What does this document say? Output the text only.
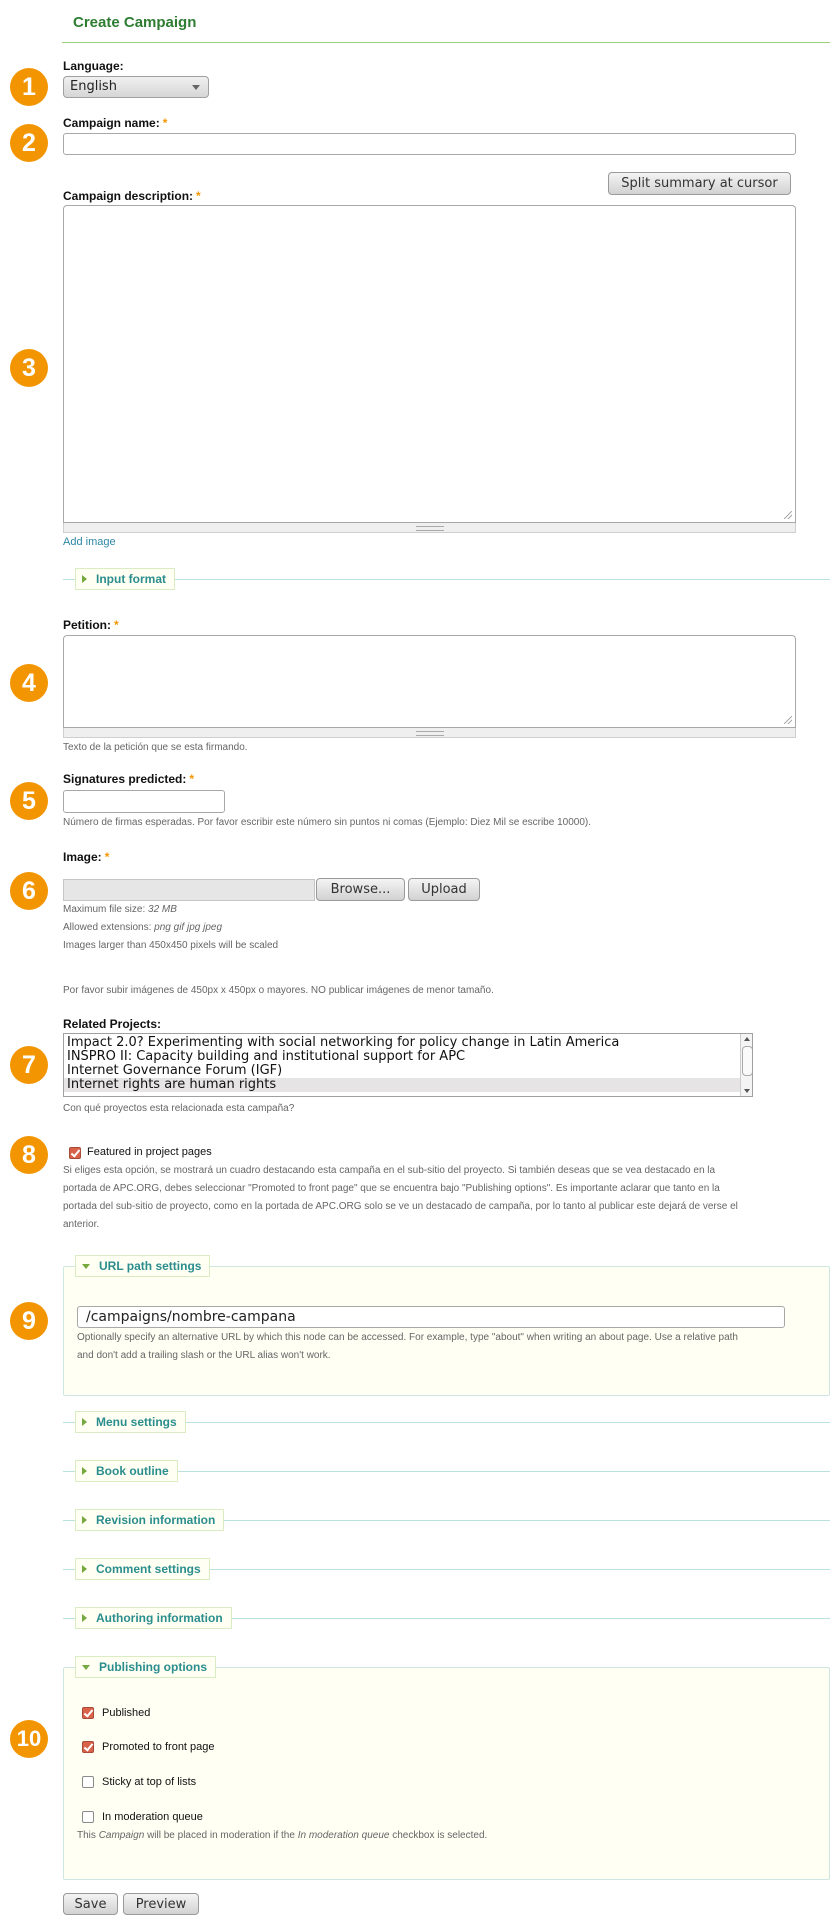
Create Campaign
1
2
3
4
5
6
7
8
9
10
Language:
English
Campaign name: *
Split summary at cursor
Campaign description: *
Add image
Input format
Petition: *
Texto de la petición que se esta firmando.
Signatures predicted: *
Número de firmas esperadas. Por favor escribir este número sin puntos ni comas (Ejemplo: Diez Mil se escribe 10000).
Image: *
Browse...	Upload
Maximum file size: 32 MB
Allowed extensions: png gif jpg jpeg
Images larger than 450x450 pixels will be scaled
Por favor subir imágenes de 450px x 450px o mayores. NO publicar imágenes de menor tamaño.
Related Projects:
Impact 2.0? Experimenting with social networking for policy change in Latin America
INSPRO II: Capacity building and institutional support for APC
Internet Governance Forum (IGF)
Internet rights are human rights
Con qué proyectos esta relacionada esta campaña?
Featured in project pages
Si eliges esta opción, se mostrará un cuadro destacando esta campaña en el sub-sitio del proyecto. Si también deseas que se vea destacado en la
portada de APC.ORG, debes seleccionar "Promoted to front page" que se encuentra bajo "Publishing options". Es importante aclarar que tanto en la
portada del sub-sitio de proyecto, como en la portada de APC.ORG solo se ve un destacado de campaña, por lo tanto al publicar este dejará de verse el
anterior.
URL path settings
/campaigns/nombre-campana
Optionally specify an alternative URL by which this node can be accessed. For example, type "about" when writing an about page. Use a relative path
and don't add a trailing slash or the URL alias won't work.
Menu settings
Book outline
Revision information
Comment settings
Authoring information
Publishing options
Published
Promoted to front page
Sticky at top of lists
In moderation queue
This Campaign will be placed in moderation if the In moderation queue checkbox is selected.
Save	Preview
